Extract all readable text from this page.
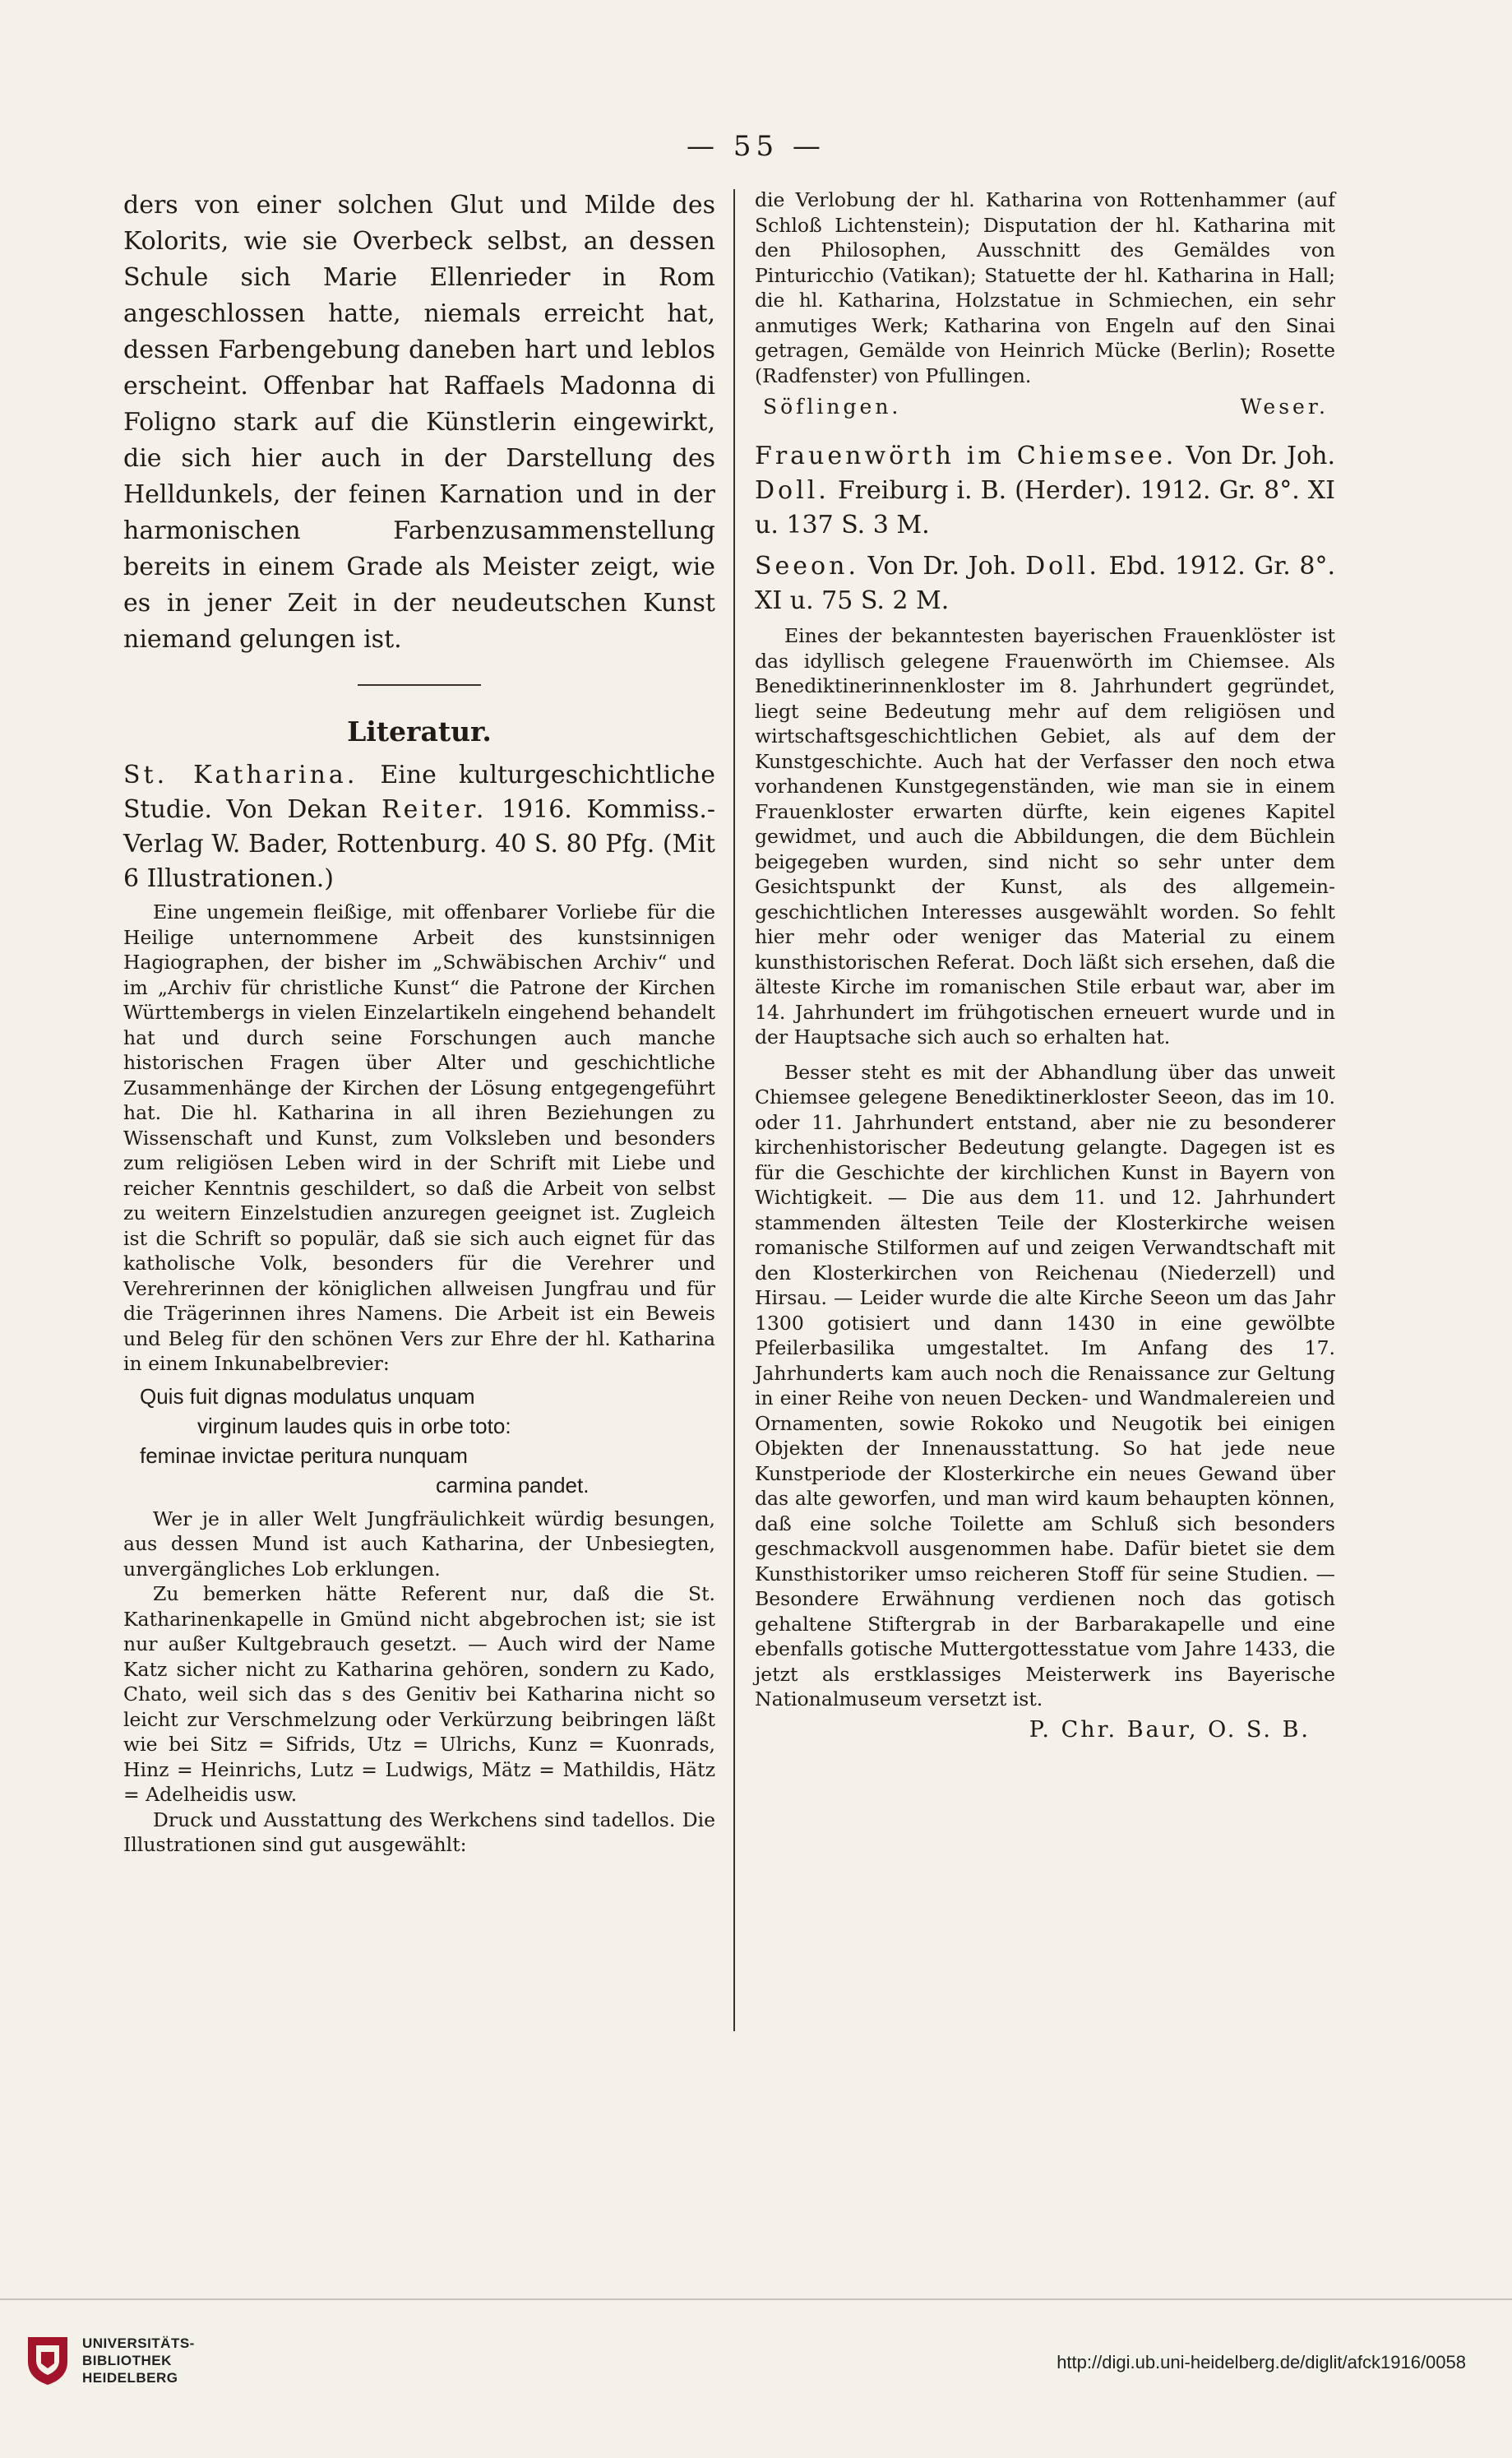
— 55 —

ders von einer solchen Glut und Milde des Kolorits, wie sie Overbeck selbst, an dessen Schule sich Marie Ellenrieder in Rom angeschlossen hatte, niemals erreicht hat, dessen Farbengebung daneben hart und leblos erscheint. Offenbar hat Raffaels Madonna di Foligno stark auf die Künstlerin eingewirkt, die sich hier auch in der Darstellung des Helldunkels, der feinen Karnation und in der harmonischen Farbenzusammenstellung bereits in einem Grade als Meister zeigt, wie es in jener Zeit in der neudeutschen Kunst niemand gelungen ist.

Literatur.

St. Katharina. Eine kulturgeschichtliche Studie. Von Dekan Reiter. 1916. Kommiss.-Verlag W. Bader, Rottenburg. 40 S. 80 Pfg. (Mit 6 Illustrationen.)

Eine ungemein fleißige, mit offenbarer Vorliebe für die Heilige unternommene Arbeit des kunstsinnigen Hagiographen, der bisher im „Schwäbischen Archiv“ und im „Archiv für christliche Kunst“ die Patrone der Kirchen Württembergs in vielen Einzelartikeln eingehend behandelt hat und durch seine Forschungen auch manche historischen Fragen über Alter und geschichtliche Zusammenhänge der Kirchen der Lösung entgegengeführt hat. Die hl. Katharina in all ihren Beziehungen zu Wissenschaft und Kunst, zum Volksleben und besonders zum religiösen Leben wird in der Schrift mit Liebe und reicher Kenntnis geschildert, so daß die Arbeit von selbst zu weitern Einzelstudien anzuregen geeignet ist. Zugleich ist die Schrift so populär, daß sie sich auch eignet für das katholische Volk, besonders für die Verehrer und Verehrerinnen der königlichen allweisen Jungfrau und für die Trägerinnen ihres Namens. Die Arbeit ist ein Beweis und Beleg für den schönen Vers zur Ehre der hl. Katharina in einem Inkunabelbrevier:

Quis fuit dignas modulatus unquam
virginum laudes quis in orbe toto:
feminae invictae peritura nunquam
carmina pandet.

Wer je in aller Welt Jungfräulichkeit würdig besungen, aus dessen Mund ist auch Katharina, der Unbesiegten, unvergängliches Lob erklungen.

Zu bemerken hätte Referent nur, daß die St. Katharinenkapelle in Gmünd nicht abgebrochen ist; sie ist nur außer Kultgebrauch gesetzt. — Auch wird der Name Katz sicher nicht zu Katharina gehören, sondern zu Kado, Chato, weil sich das s des Genitiv bei Katharina nicht so leicht zur Verschmelzung oder Verkürzung beibringen läßt wie bei Sitz = Sifrids, Utz = Ulrichs, Kunz = Kuonrads, Hinz = Heinrichs, Lutz = Ludwigs, Mätz = Mathildis, Hätz = Adelheidis usw.

Druck und Ausstattung des Werkchens sind tadellos. Die Illustrationen sind gut ausgewählt:

die Verlobung der hl. Katharina von Rottenhammer (auf Schloß Lichtenstein); Disputation der hl. Katharina mit den Philosophen, Ausschnitt des Gemäldes von Pinturicchio (Vatikan); Statuette der hl. Katharina in Hall; die hl. Katharina, Holzstatue in Schmiechen, ein sehr anmutiges Werk; Katharina von Engeln auf den Sinai getragen, Gemälde von Heinrich Mücke (Berlin); Rosette (Radfenster) von Pfullingen.

Söflingen.	Weser.

Frauenwörth im Chiemsee. Von Dr. Joh. Doll. Freiburg i. B. (Herder). 1912. Gr. 8°. XI u. 137 S. 3 M.

Seeon. Von Dr. Joh. Doll. Ebd. 1912. Gr. 8°. XI u. 75 S. 2 M.

Eines der bekanntesten bayerischen Frauenklöster ist das idyllisch gelegene Frauenwörth im Chiemsee. Als Benediktinerinnenkloster im 8. Jahrhundert gegründet, liegt seine Bedeutung mehr auf dem religiösen und wirtschaftsgeschichtlichen Gebiet, als auf dem der Kunstgeschichte. Auch hat der Verfasser den noch etwa vorhandenen Kunstgegenständen, wie man sie in einem Frauenkloster erwarten dürfte, kein eigenes Kapitel gewidmet, und auch die Abbildungen, die dem Büchlein beigegeben wurden, sind nicht so sehr unter dem Gesichtspunkt der Kunst, als des allgemein-geschichtlichen Interesses ausgewählt worden. So fehlt hier mehr oder weniger das Material zu einem kunsthistorischen Referat. Doch läßt sich ersehen, daß die älteste Kirche im romanischen Stile erbaut war, aber im 14. Jahrhundert im frühgotischen erneuert wurde und in der Hauptsache sich auch so erhalten hat.

Besser steht es mit der Abhandlung über das unweit Chiemsee gelegene Benediktinerkloster Seeon, das im 10. oder 11. Jahrhundert entstand, aber nie zu besonderer kirchenhistorischer Bedeutung gelangte. Dagegen ist es für die Geschichte der kirchlichen Kunst in Bayern von Wichtigkeit. — Die aus dem 11. und 12. Jahrhundert stammenden ältesten Teile der Klosterkirche weisen romanische Stilformen auf und zeigen Verwandtschaft mit den Klosterkirchen von Reichenau (Niederzell) und Hirsau. — Leider wurde die alte Kirche Seeon um das Jahr 1300 gotisiert und dann 1430 in eine gewölbte Pfeilerbasilika umgestaltet. Im Anfang des 17. Jahrhunderts kam auch noch die Renaissance zur Geltung in einer Reihe von neuen Decken- und Wandmalereien und Ornamenten, sowie Rokoko und Neugotik bei einigen Objekten der Innenausstattung. So hat jede neue Kunstperiode der Klosterkirche ein neues Gewand über das alte geworfen, und man wird kaum behaupten können, daß eine solche Toilette am Schluß sich besonders geschmackvoll ausgenommen habe. Dafür bietet sie dem Kunsthistoriker umso reicheren Stoff für seine Studien. — Besondere Erwähnung verdienen noch das gotisch gehaltene Stiftergrab in der Barbarakapelle und eine ebenfalls gotische Muttergottesstatue vom Jahre 1433, die jetzt als erstklassiges Meisterwerk ins Bayerische Nationalmuseum versetzt ist.

P. Chr. Baur, O. S. B.
UNIVERSITÄTS-
BIBLIOTHEK
HEIDELBERG
http://digi.ub.uni-heidelberg.de/diglit/afck1916/0058
